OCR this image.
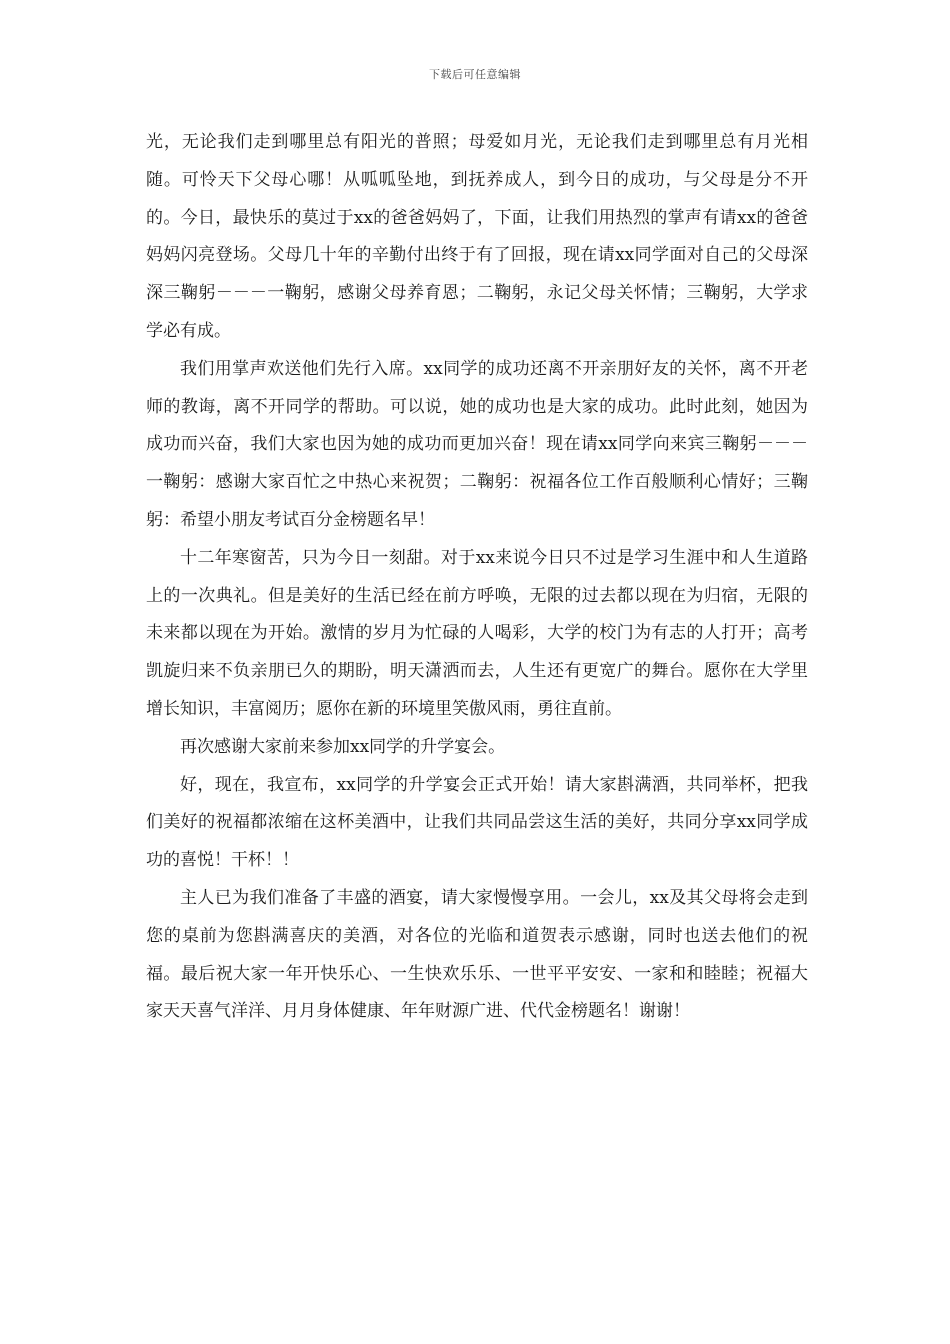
下载后可任意编辑

光，无论我们走到哪里总有阳光的普照；母爱如月光，无论我们走到哪里总有月光相随。可怜天下父母心哪！从呱呱坠地，到抚养成人，到今日的成功，与父母是分不开的。今日，最快乐的莫过于xx的爸爸妈妈了，下面，让我们用热烈的掌声有请xx的爸爸妈妈闪亮登场。父母几十年的辛勤付出终于有了回报，现在请xx同学面对自己的父母深深三鞠躬－－－一鞠躬，感谢父母养育恩；二鞠躬，永记父母关怀情；三鞠躬，大学求学必有成。

我们用掌声欢送他们先行入席。xx同学的成功还离不开亲朋好友的关怀，离不开老师的教诲，离不开同学的帮助。可以说，她的成功也是大家的成功。此时此刻，她因为成功而兴奋，我们大家也因为她的成功而更加兴奋！现在请xx同学向来宾三鞠躬－－－一鞠躬：感谢大家百忙之中热心来祝贺；二鞠躬：祝福各位工作百般顺利心情好；三鞠躬：希望小朋友考试百分金榜题名早！

十二年寒窗苦，只为今日一刻甜。对于xx来说今日只不过是学习生涯中和人生道路上的一次典礼。但是美好的生活已经在前方呼唤，无限的过去都以现在为归宿，无限的未来都以现在为开始。激情的岁月为忙碌的人喝彩，大学的校门为有志的人打开；高考凯旋归来不负亲朋已久的期盼，明天潇洒而去，人生还有更宽广的舞台。愿你在大学里增长知识，丰富阅历；愿你在新的环境里笑傲风雨，勇往直前。

再次感谢大家前来参加xx同学的升学宴会。

好，现在，我宣布，xx同学的升学宴会正式开始！请大家斟满酒，共同举杯，把我们美好的祝福都浓缩在这杯美酒中，让我们共同品尝这生活的美好，共同分享xx同学成功的喜悦！干杯！！

主人已为我们准备了丰盛的酒宴，请大家慢慢享用。一会儿，xx及其父母将会走到您的桌前为您斟满喜庆的美酒，对各位的光临和道贺表示感谢，同时也送去他们的祝福。最后祝大家一年开快乐心、一生快欢乐乐、一世平平安安、一家和和睦睦；祝福大家天天喜气洋洋、月月身体健康、年年财源广进、代代金榜题名！谢谢！
